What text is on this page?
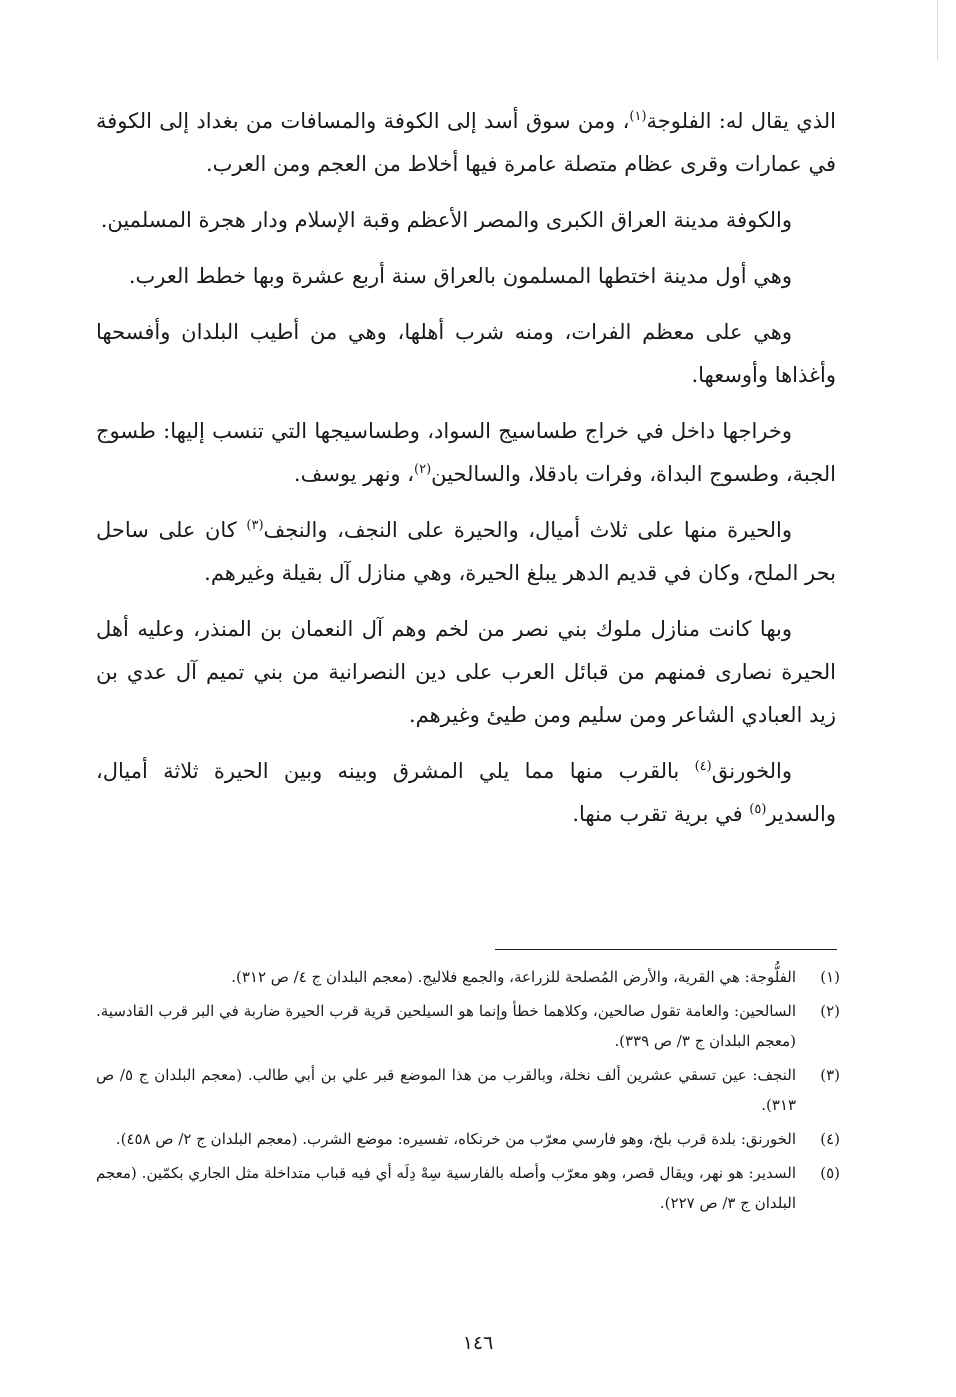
الذي يقال له: الفلوجة$^{(١)}$، ومن سوق أسد إلى الكوفة والمسافات من بغداد إلى الكوفة في عمارات وقرى عظام متصلة عامرة فيها أخلاط من العجم ومن العرب.

والكوفة مدينة العراق الكبرى والمصر الأعظم وقبة الإسلام ودار هجرة المسلمين.

وهي أول مدينة اختطها المسلمون بالعراق سنة أربع عشرة وبها خطط العرب.

وهي على معظم الفرات، ومنه شرب أهلها، وهي من أطيب البلدان وأفسحها وأغذاها وأوسعها.

وخراجها داخل في خراج طساسيج السواد، وطساسيجها التي تنسب إليها: طسوج الجبة، وطسوج البداة، وفرات بادقلا، والسالحين$^{(٢)}$، ونهر يوسف.

والحيرة منها على ثلاث أميال، والحيرة على النجف، والنجف$^{(٣)}$ كان على ساحل بحر الملح، وكان في قديم الدهر يبلغ الحيرة، وهي منازل آل بقيلة وغيرهم.

وبها كانت منازل ملوك بني نصر من لخم وهم آل النعمان بن المنذر، وعليه أهل الحيرة نصارى فمنهم من قبائل العرب على دين النصرانية من بني تميم آل عدي بن زيد العبادي الشاعر ومن سليم ومن طيئ وغيرهم.

والخورنق$^{(٤)}$ بالقرب منها مما يلي المشرق وبينه وبين الحيرة ثلاثة أميال، والسدير$^{(٥)}$ في برية تقرب منها.

(١)
الفلُّوجة: هي القرية، والأرض المُصلحة للزراعة، والجمع فلاليج. (معجم البلدان ج ٤/ ص ٣١٢).
(٢)
السالحين: والعامة تقول صالحين، وكلاهما خطأ وإنما هو السيلحين قرية قرب الحيرة ضاربة في البر قرب القادسية. (معجم البلدان ج ٣/ ص ٣٣٩).
(٣)
النجف: عين تسقي عشرين ألف نخلة، وبالقرب من هذا الموضع قبر علي بن أبي طالب. (معجم البلدان ج ٥/ ص ٣١٣).
(٤)
الخورنق: بلدة قرب بلخ، وهو فارسي معرّب من خرنكاه، تفسيره: موضع الشرب. (معجم البلدان ج ٢/ ص ٤٥٨).
(٥)
السدير: هو نهر، ويقال قصر، وهو معرّب وأصله بالفارسية سِهْ دِلَه أي فيه قباب متداخلة مثل الجاري بكمّين. (معجم البلدان ج ٣/ ص ٢٢٧).
١٤٦
